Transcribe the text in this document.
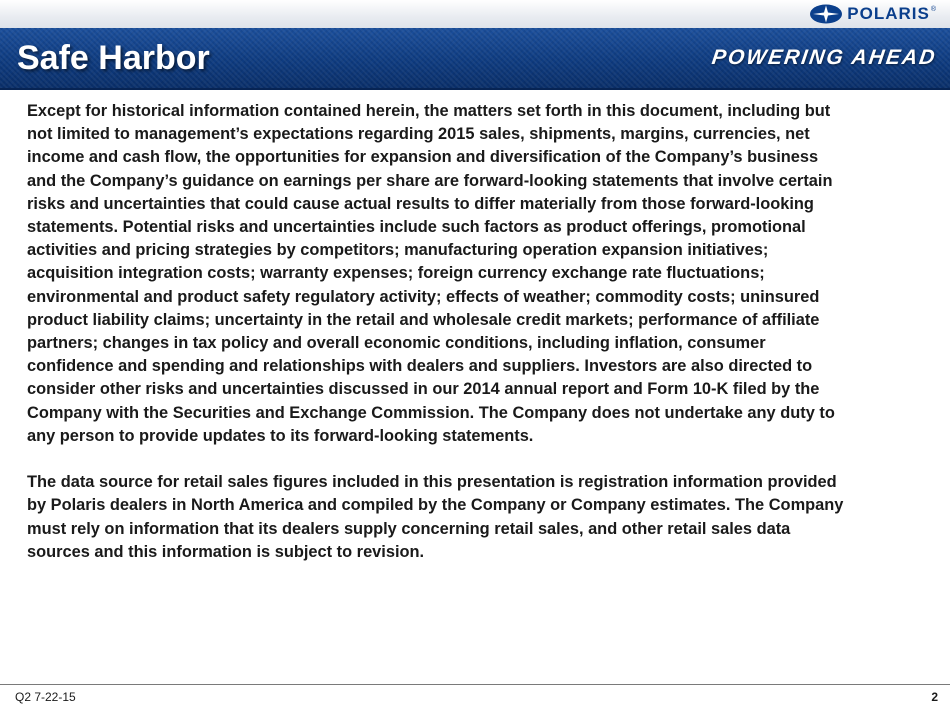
POLARIS ®
Safe Harbor	POWERING AHEAD

Except for historical information contained herein, the matters set forth in this document, including but
not limited to management’s expectations regarding 2015 sales, shipments, margins, currencies, net
income and cash flow, the opportunities for expansion and diversification of the Company’s business
and the Company’s guidance on earnings per share are forward-looking statements that involve certain
risks and uncertainties that could cause actual results to differ materially from those forward-looking
statements. Potential risks and uncertainties include such factors as product offerings, promotional
activities and pricing strategies by competitors; manufacturing operation expansion initiatives;
acquisition integration costs; warranty expenses; foreign currency exchange rate fluctuations;
environmental and product safety regulatory activity; effects of weather; commodity costs; uninsured
product liability claims; uncertainty in the retail and wholesale credit markets; performance of affiliate
partners; changes in tax policy and overall economic conditions, including inflation, consumer
confidence and spending and relationships with dealers and suppliers. Investors are also directed to
consider other risks and uncertainties discussed in our 2014 annual report and Form 10-K filed by the
Company with the Securities and Exchange Commission. The Company does not undertake any duty to
any person to provide updates to its forward-looking statements.

The data source for retail sales figures included in this presentation is registration information provided
by Polaris dealers in North America and compiled by the Company or Company estimates. The Company
must rely on information that its dealers supply concerning retail sales, and other retail sales data
sources and this information is subject to revision.

Q2 7-22-15	2
